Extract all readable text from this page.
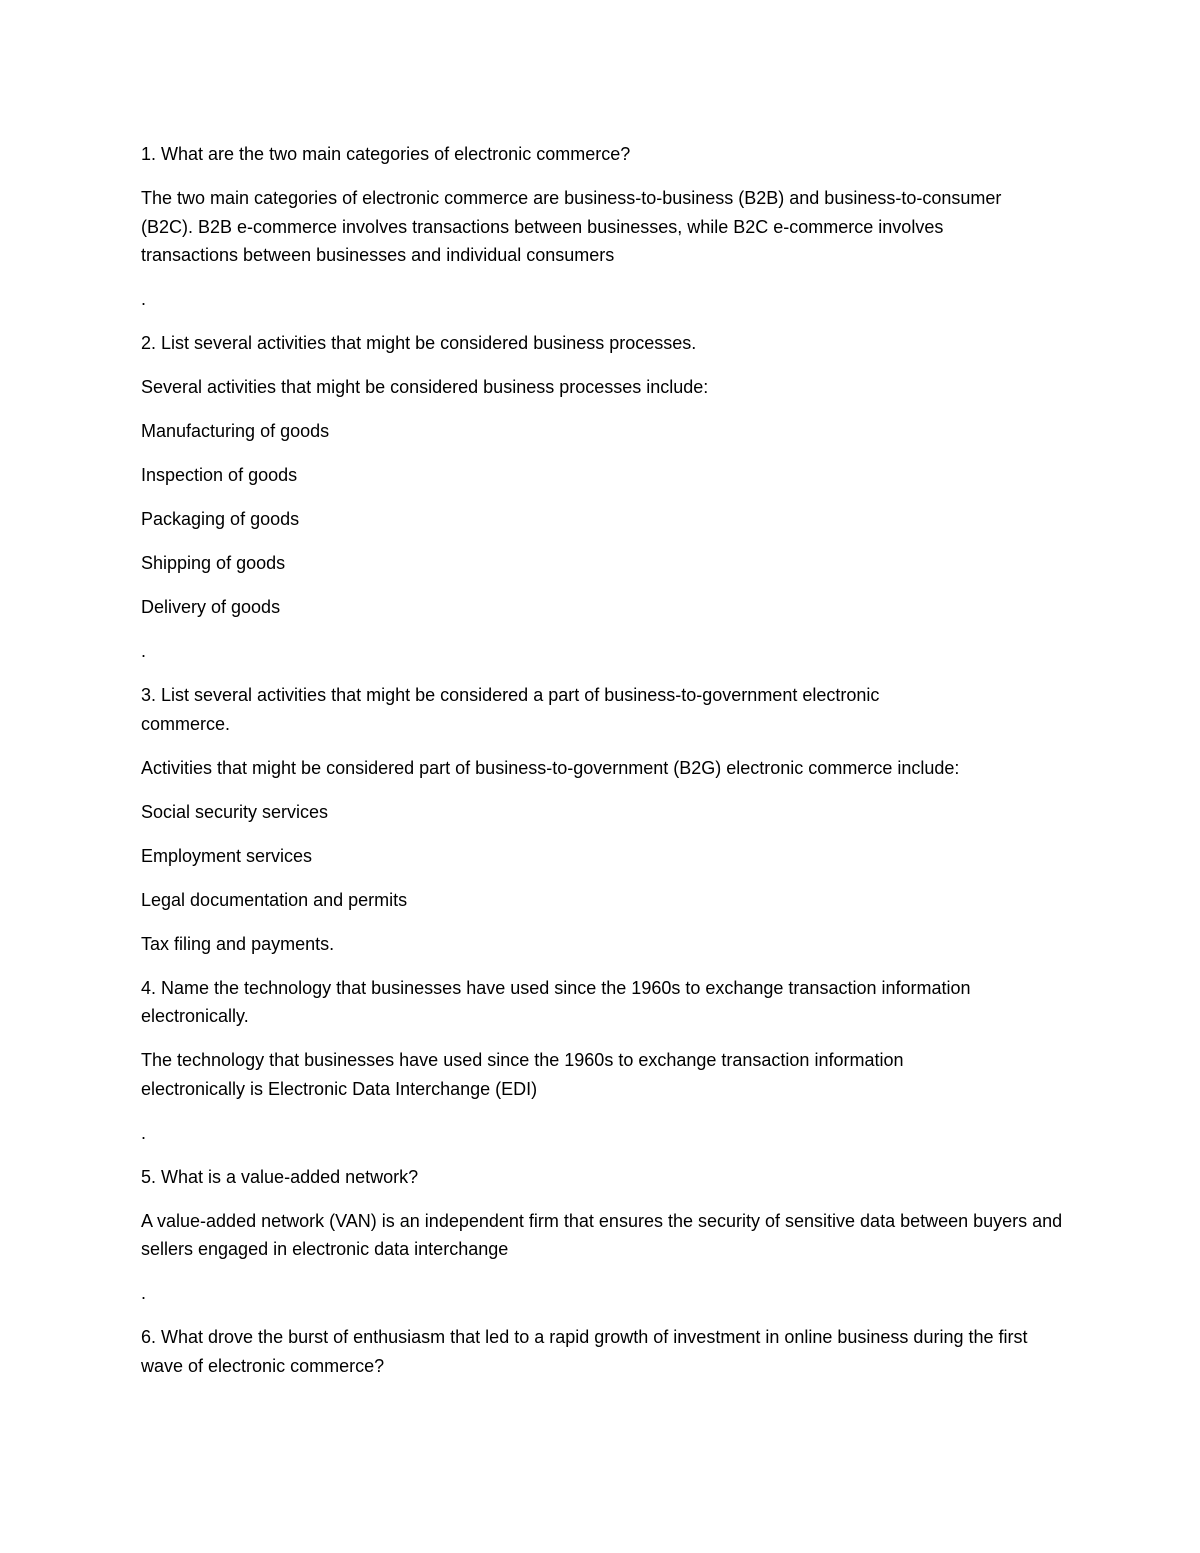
1. What are the two main categories of electronic commerce?

The two main categories of electronic commerce are business-to-business (B2B) and business-to-consumer (B2C). B2B e-commerce involves transactions between businesses, while B2C e-commerce involves transactions between businesses and individual consumers

.

2. List several activities that might be considered business processes.

Several activities that might be considered business processes include:

Manufacturing of goods

Inspection of goods

Packaging of goods

Shipping of goods

Delivery of goods

.

3. List several activities that might be considered a part of business-to-government electronic commerce.

Activities that might be considered part of business-to-government (B2G) electronic commerce include:

Social security services

Employment services

Legal documentation and permits

Tax filing and payments.

4. Name the technology that businesses have used since the 1960s to exchange transaction information electronically.

The technology that businesses have used since the 1960s to exchange transaction information electronically is Electronic Data Interchange (EDI)

.

5. What is a value-added network?

A value-added network (VAN) is an independent firm that ensures the security of sensitive data between buyers and sellers engaged in electronic data interchange

.

6. What drove the burst of enthusiasm that led to a rapid growth of investment in online business during the first wave of electronic commerce?
